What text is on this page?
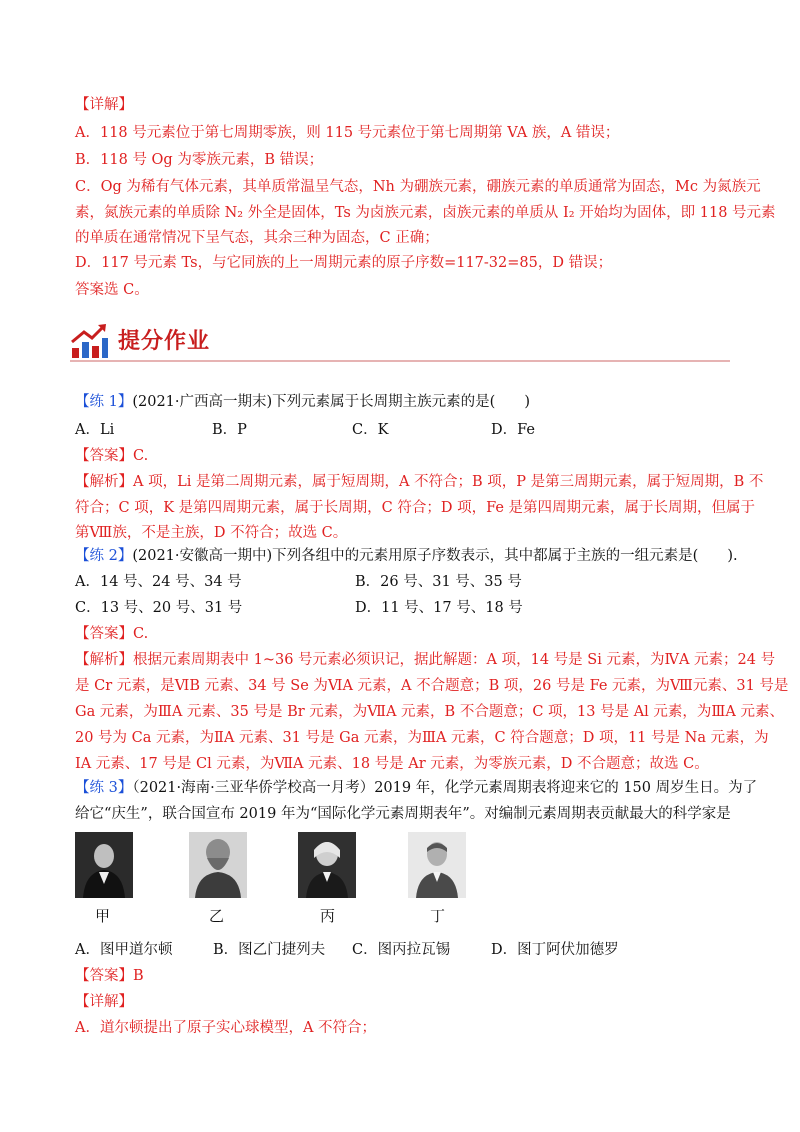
【详解】
A．118 号元素位于第七周期零族，则 115 号元素位于第七周期第 VA 族，A 错误；
B．118 号 Og 为零族元素，B 错误；
C．Og 为稀有气体元素，其单质常温呈气态，Nh 为硼族元素，硼族元素的单质通常为固态，Mc 为氮族元
素，氮族元素的单质除 N₂ 外全是固体，Ts 为卤族元素，卤族元素的单质从 I₂ 开始均为固体，即 118 号元素
的单质在通常情况下呈气态，其余三种为固态，C 正确；
D．117 号元素 Ts，与它同族的上一周期元素的原子序数=117-32=85，D 错误；
答案选 C。
提分作业
【练 1】(2021·广西高一期末)下列元素属于长周期主族元素的是(　　)
A．Li	B．P	C．K	D．Fe
【答案】C.
【解析】A 项，Li 是第二周期元素，属于短周期，A 不符合；B 项，P 是第三周期元素，属于短周期，B 不
符合；C 项，K 是第四周期元素，属于长周期，C 符合；D 项，Fe 是第四周期元素，属于长周期，但属于
第Ⅷ族，不是主族，D 不符合；故选 C。
【练 2】(2021·安徽高一期中)下列各组中的元素用原子序数表示，其中都属于主族的一组元素是(　　).
A．14 号、24 号、34 号	B．26 号、31 号、35 号
C．13 号、20 号、31 号	D．11 号、17 号、18 号
【答案】C.
【解析】根据元素周期表中 1~36 号元素必须识记，据此解题：A 项，14 号是 Si 元素，为ⅣA 元素；24 号
是 Cr 元素，是ⅥB 元素、34 号 Se 为ⅥA 元素，A 不合题意；B 项，26 号是 Fe 元素，为Ⅷ元素、31 号是
Ga 元素，为ⅢA 元素、35 号是 Br 元素，为ⅦA 元素，B 不合题意；C 项，13 号是 Al 元素，为ⅢA 元素、
20 号为 Ca 元素，为ⅡA 元素、31 号是 Ga 元素，为ⅢA 元素，C 符合题意；D 项，11 号是 Na 元素，为
ⅠA 元素、17 号是 Cl 元素，为ⅦA 元素、18 号是 Ar 元素，为零族元素，D 不合题意；故选 C。
【练 3】（2021·海南·三亚华侨学校高一月考）2019 年，化学元素周期表将迎来它的 150 周岁生日。为了
给它“庆生”，联合国宣布 2019 年为“国际化学元素周期表年”。对编制元素周期表贡献最大的科学家是
甲	乙	丙	丁
A．图甲道尔顿	B．图乙门捷列夫 C．图丙拉瓦锡	D．图丁阿伏加德罗
【答案】B
【详解】
A．道尔顿提出了原子实心球模型，A 不符合；
